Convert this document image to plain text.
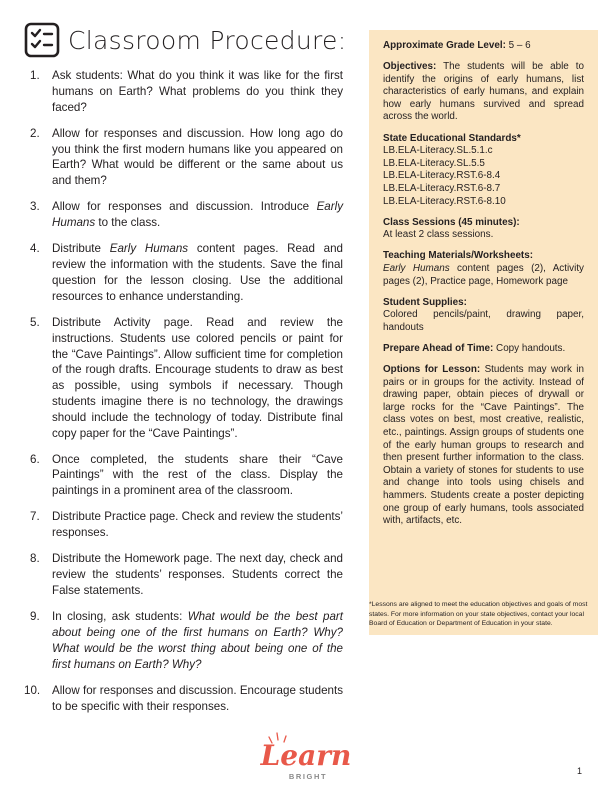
Classroom Procedure:
1. Ask students: What do you think it was like for the first humans on Earth? What problems do you think they faced?
2. Allow for responses and discussion. How long ago do you think the first modern humans like you appeared on Earth? What would be different or the same about us and them?
3. Allow for responses and discussion. Introduce Early Humans to the class.
4. Distribute Early Humans content pages. Read and review the information with the students. Save the final question for the lesson closing. Use the additional resources to enhance understanding.
5. Distribute Activity page. Read and review the instructions. Students use colored pencils or paint for the “Cave Paintings”. Allow sufficient time for completion of the rough drafts. Encourage students to draw as best as possible, using symbols if necessary. Though students imagine there is no technology, the drawings should include the technology of today. Distribute final copy paper for the “Cave Paintings”.
6. Once completed, the students share their “Cave Paintings” with the rest of the class. Display the paintings in a prominent area of the classroom.
7. Distribute Practice page. Check and review the students’ responses.
8. Distribute the Homework page. The next day, check and review the students’ responses. Students correct the False statements.
9. In closing, ask students: What would be the best part about being one of the first humans on Earth? Why? What would be the worst thing about being one of the first humans on Earth? Why?
10. Allow for responses and discussion. Encourage students to be specific with their responses.
Approximate Grade Level: 5 – 6
Objectives: The students will be able to identify the origins of early humans, list characteristics of early humans, and explain how early humans survived and spread across the world.
State Educational Standards*
LB.ELA-Literacy.SL.5.1.c
LB.ELA-Literacy.SL.5.5
LB.ELA-Literacy.RST.6-8.4
LB.ELA-Literacy.RST.6-8.7
LB.ELA-Literacy.RST.6-8.10
Class Sessions (45 minutes):
At least 2 class sessions.
Teaching Materials/Worksheets:
Early Humans content pages (2), Activity pages (2), Practice page, Homework page
Student Supplies:
Colored pencils/paint, drawing paper, handouts
Prepare Ahead of Time: Copy handouts.
Options for Lesson: Students may work in pairs or in groups for the activity. Instead of drawing paper, obtain pieces of drywall or large rocks for the “Cave Paintings”. The class votes on best, most creative, realistic, etc., paintings. Assign groups of students one of the early human groups to research and then present further information to the class. Obtain a variety of stones for students to use and change into tools using chisels and hammers. Students create a poster depicting one group of early humans, tools associated with, artifacts, etc.
*Lessons are aligned to meet the education objectives and goals of most states. For more information on your state objectives, contact your local Board of Education or Department of Education in your state.
Learn
BRIGHT
1
